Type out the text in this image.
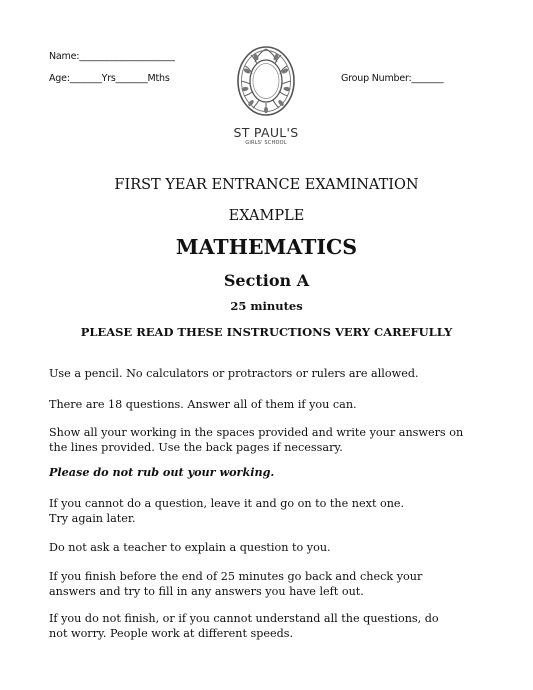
Name:_____________________
Age:_______Yrs_______Mths	Group Number:_______
ST PAUL'S
GIRLS' SCHOOL
FIRST YEAR ENTRANCE EXAMINATION
EXAMPLE
MATHEMATICS
Section A
25 minutes
PLEASE READ THESE INSTRUCTIONS VERY CAREFULLY
Use a pencil. No calculators or protractors or rulers are allowed.
There are 18 questions. Answer all of them if you can.
Show all your working in the spaces provided and write your answers on
the lines provided. Use the back pages if necessary.
Please do not rub out your working.
If you cannot do a question, leave it and go on to the next one.
Try again later.
Do not ask a teacher to explain a question to you.
If you finish before the end of 25 minutes go back and check your
answers and try to fill in any answers you have left out.
If you do not finish, or if you cannot understand all the questions, do
not worry. People work at different speeds.
